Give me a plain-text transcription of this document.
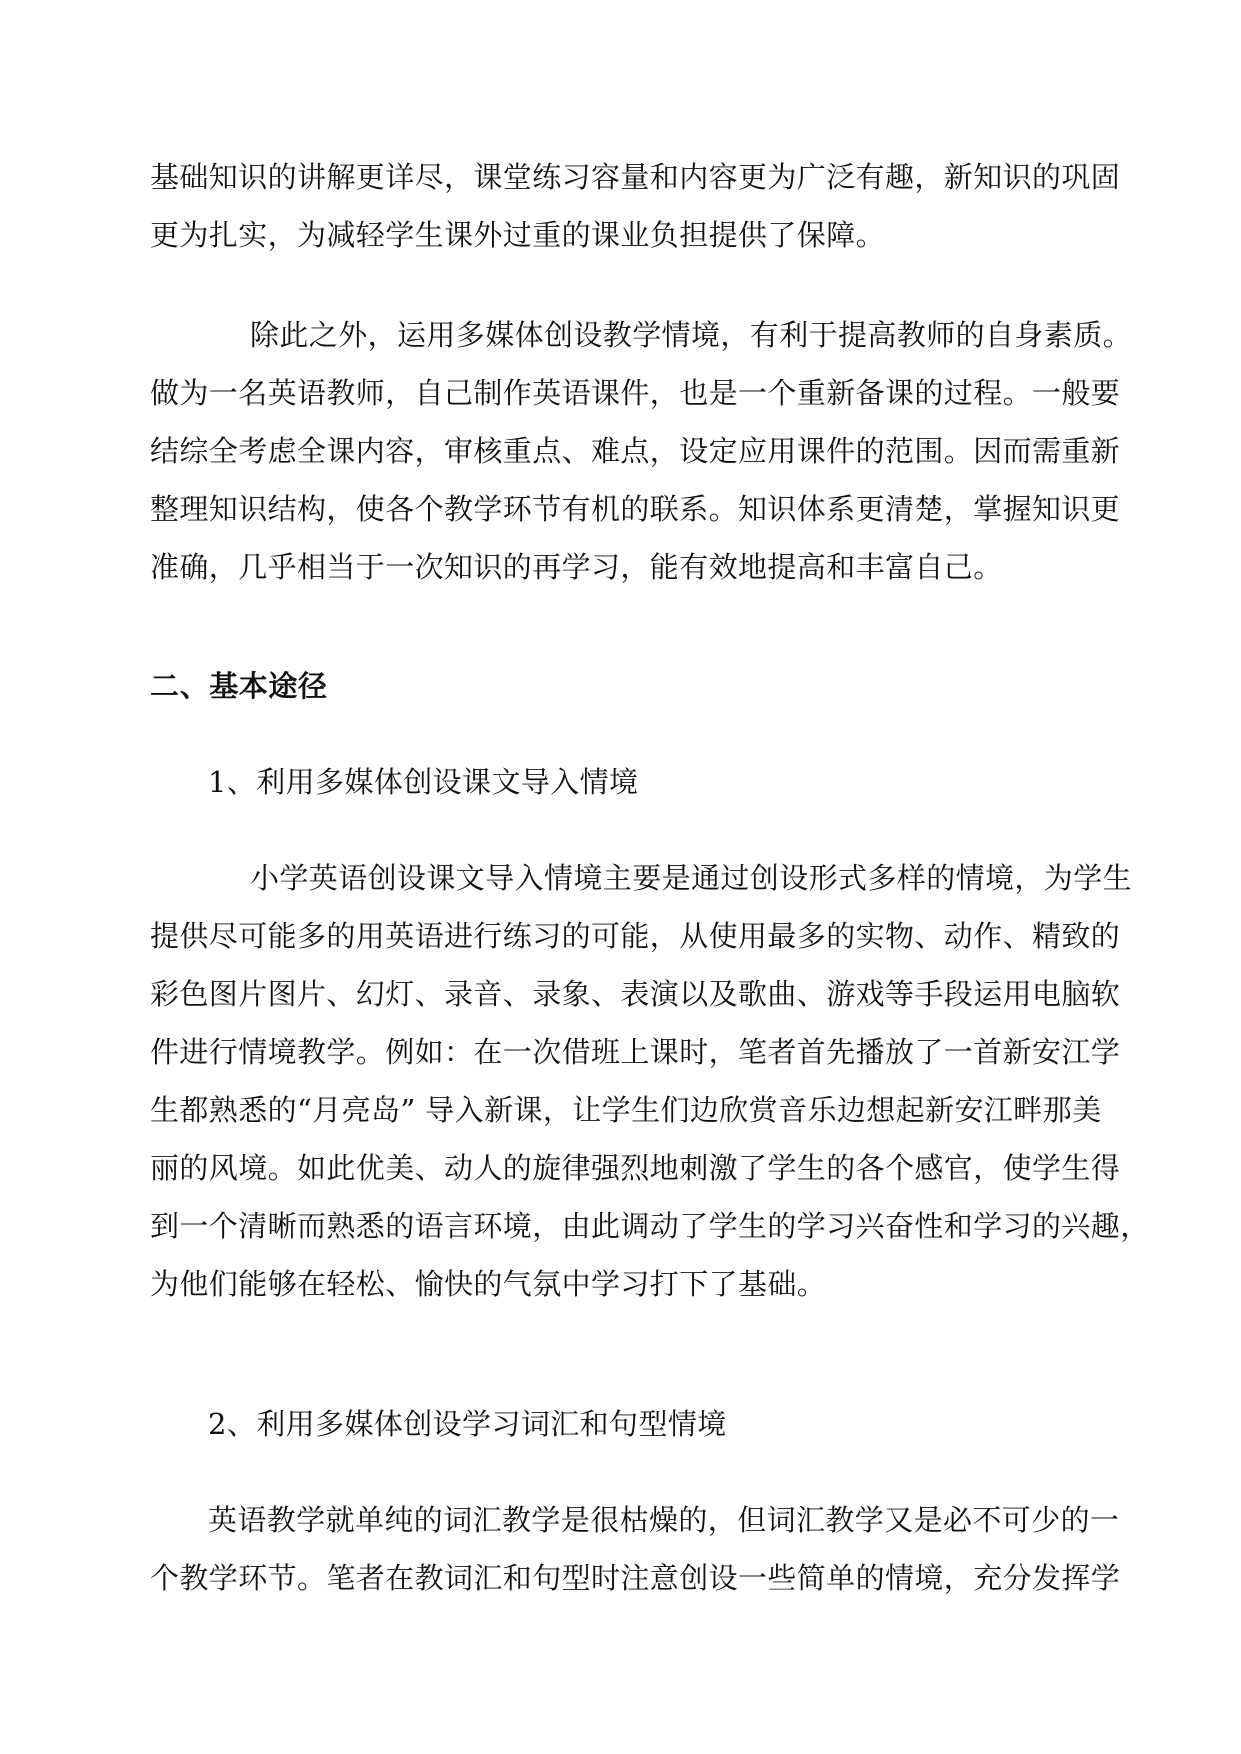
基础知识的讲解更详尽，课堂练习容量和内容更为广泛有趣，新知识的巩固
更为扎实，为减轻学生课外过重的课业负担提供了保障。
除此之外，运用多媒体创设教学情境，有利于提高教师的自身素质。
做为一名英语教师，自己制作英语课件，也是一个重新备课的过程。一般要
结综全考虑全课内容，审核重点、难点，设定应用课件的范围。因而需重新
整理知识结构，使各个教学环节有机的联系。知识体系更清楚，掌握知识更
准确，几乎相当于一次知识的再学习，能有效地提高和丰富自己。
二、基本途径
1、利用多媒体创设课文导入情境
小学英语创设课文导入情境主要是通过创设形式多样的情境，为学生
提供尽可能多的用英语进行练习的可能，从使用最多的实物、动作、精致的
彩色图片图片、幻灯、录音、录象、表演以及歌曲、游戏等手段运用电脑软
件进行情境教学。例如：在一次借班上课时，笔者首先播放了一首新安江学
生都熟悉的“月亮岛” 导入新课，让学生们边欣赏音乐边想起新安江畔那美
丽的风境。如此优美、动人的旋律强烈地刺激了学生的各个感官，使学生得
到一个清晰而熟悉的语言环境，由此调动了学生的学习兴奋性和学习的兴趣，
为他们能够在轻松、愉快的气氛中学习打下了基础。
2、利用多媒体创设学习词汇和句型情境
英语教学就单纯的词汇教学是很枯燥的，但词汇教学又是必不可少的一
个教学环节。笔者在教词汇和句型时注意创设一些简单的情境，充分发挥学
